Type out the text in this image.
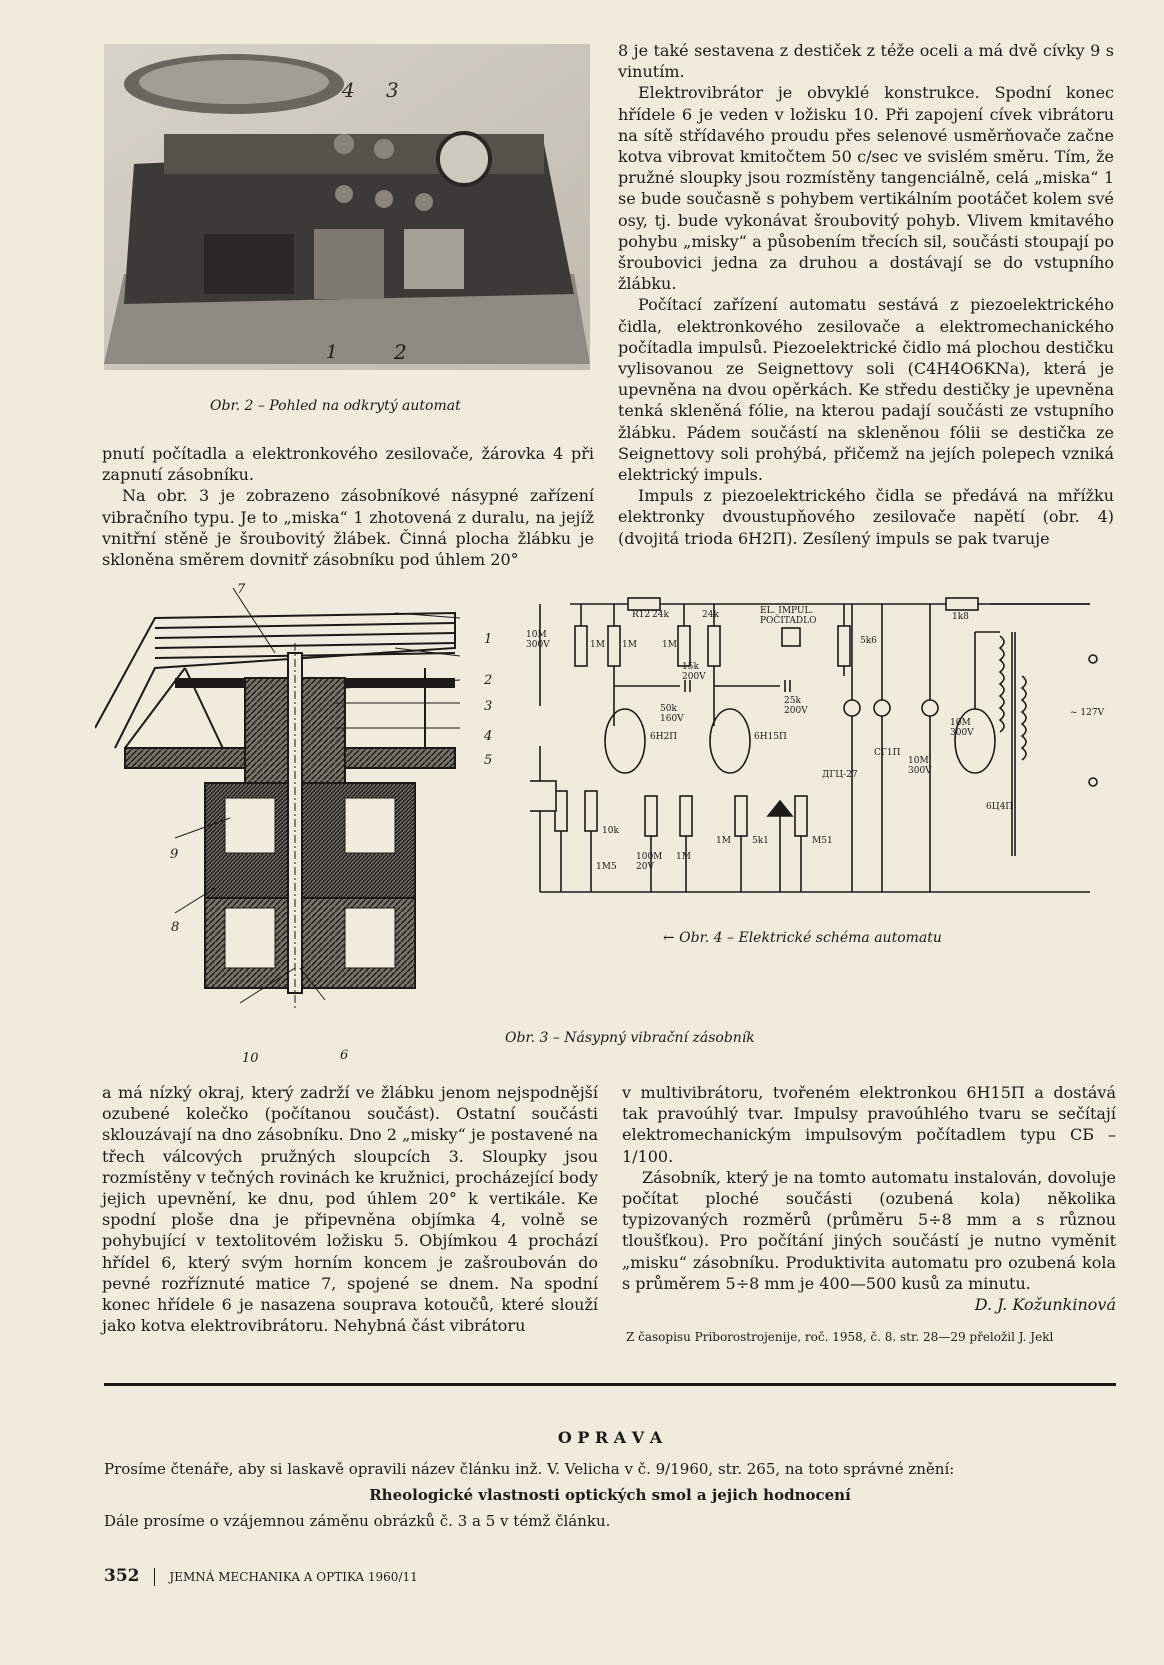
4 3
1	2
Obr. 2 – Pohled na odkrytý automat

pnutí počítadla a elektronkového zesilovače, žárovka 4 při zapnutí zásobníku.

Na obr. 3 je zobrazeno zásobníkové násypné zařízení vibračního typu. Je to „miska“ 1 zhotovená z duralu, na jejíž vnitřní stěně je šroubovitý žlábek. Činná plocha žlábku je skloněna směrem dovnitř zásobníku pod úhlem 20°

8 je také sestavena z destiček z téže oceli a má dvě cívky 9 s vinutím.

Elektrovibrátor je obvyklé konstrukce. Spodní konec hřídele 6 je veden v ložisku 10. Při zapojení cívek vibrátoru na sítě střídavého proudu přes selenové usměrňovače začne kotva vibrovat kmitočtem 50 c/sec ve svislém směru. Tím, že pružné sloupky jsou rozmístěny tangenciálně, celá „miska“ 1 se bude současně s pohybem vertikálním pootáčet kolem své osy, tj. bude vykonávat šroubovitý pohyb. Vlivem kmitavého pohybu „misky“ a působením třecích sil, součásti stoupají po šroubovici jedna za druhou a dostávají se do vstupního žlábku.

Počítací zařízení automatu sestává z piezoelektrického čidla, elektronkového zesilovače a elektromechanického počítadla impulsů. Piezoelektrické čidlo má plochou destičku vylisovanou ze Seignettovy soli (C4H4O6KNa), která je upevněna na dvou opěrkách. Ke středu destičky je upevněna tenká skleněná fólie, na kterou padají součásti ze vstupního žlábku. Pádem součástí na skleněnou fólii se destička ze Seignettovy soli prohýbá, přičemž na jejích polepech vzniká elektrický impuls.

Impuls z piezoelektrického čidla se předává na mřížku elektronky dvoustupňového zesilovače napětí (obr. 4) (dvojitá trioda 6H2П). Zesílený impuls se pak tvaruje

7
1
2
3
4
5
9
8
10	6
10M 300V	1M
R12 24k
1M	1M
24k	EL. IMPUL. POČITADLO
5k6
1k8
15k 200V
50k 160V
25k 200V
6H2П	6H15П
10M 300V
10M 300V
СГ1П
6Ц4П
~ 127V
10k
1M5
100M 20V
1M
1M 5k1
ДГЦ-27
M51
← Obr. 4 – Elektrické schéma automatu
Obr. 3 – Násypný vibrační zásobník

a má nízký okraj, který zadrží ve žlábku jenom nejspodnější ozubené kolečko (počítanou součást). Ostatní součásti sklouzávají na dno zásobníku. Dno 2 „misky“ je postavené na třech válcových pružných sloupcích 3. Sloupky jsou rozmístěny v tečných rovinách ke kružnici, procházející body jejich upevnění, ke dnu, pod úhlem 20° k vertikále. Ke spodní ploše dna je připevněna objímka 4, volně se pohybující v textolitovém ložisku 5. Objímkou 4 prochází hřídel 6, který svým horním koncem je zašroubován do pevné rozříznuté matice 7, spojené se dnem. Na spodní konec hřídele 6 je nasazena souprava kotoučů, které slouží jako kotva elektrovibrátoru. Nehybná část vibrátoru

v multivibrátoru, tvořeném elektronkou 6H15П a dostává tak pravoúhlý tvar. Impulsy pravoúhlého tvaru se sečítají elektromechanickým impulsovým počítadlem typu СБ – 1/100.

Zásobník, který je na tomto automatu instalován, dovoluje počítat ploché součásti (ozubená kola) několika typizovaných rozměrů (průměru 5÷8 mm a s různou tloušťkou). Pro počítání jiných součástí je nutno vyměnit „misku“ zásobníku. Produktivita automatu pro ozubená kola s průměrem 5÷8 mm je 400—500 kusů za minutu.

D. J. Kožunkinová

Z časopisu Priborostrojenije, roč. 1958, č. 8. str. 28—29 přeložil J. Jekl
O P R A V A
Prosíme čtenáře, aby si laskavě opravili název článku inž. V. Velicha v č. 9/1960, str. 265, na toto správné znění:
Rheologické vlastnosti optických smol a jejich hodnocení
Dále prosíme o vzájemnou záměnu obrázků č. 3 a 5 v témž článku.
352 JEMNÁ MECHANIKA A OPTIKA 1960/11
